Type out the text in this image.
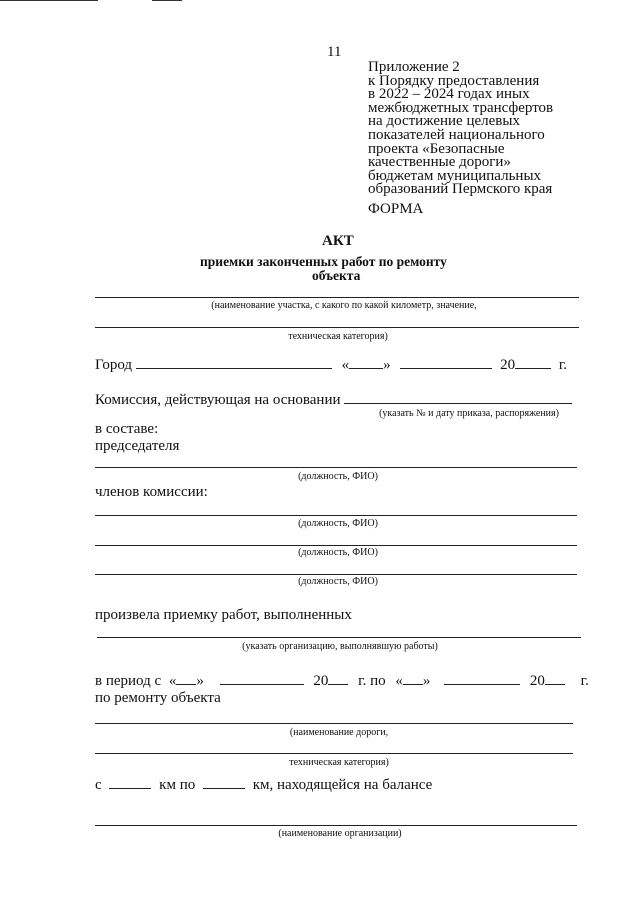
11
Приложение 2
к Порядку предоставления
в 2022 – 2024 годах иных
межбюджетных трансфертов
на достижение целевых
показателей национального
проекта «Безопасные
качественные дороги»
бюджетам муниципальных
образований Пермского края
ФОРМА
АКТ
приемки законченных работ по ремонту
объекта
(наименование участка, с какого по какой километр, значение,
техническая категория)
Город	« »	20	г.
Комиссия, действующая на основании
(указать № и дату приказа, распоряжения)
в составе:
председателя
(должность, ФИО)
членов комиссии:
(должность, ФИО)
(должность, ФИО)
(должность, ФИО)
произвела приемку работ, выполненных
(указать организацию, выполнявшую работы)
в период с « »	20 г. по « »	20 г.
по ремонту объекта
(наименование дороги,
техническая категория)
с	км по	км, находящейся на балансе
(наименование организации)
